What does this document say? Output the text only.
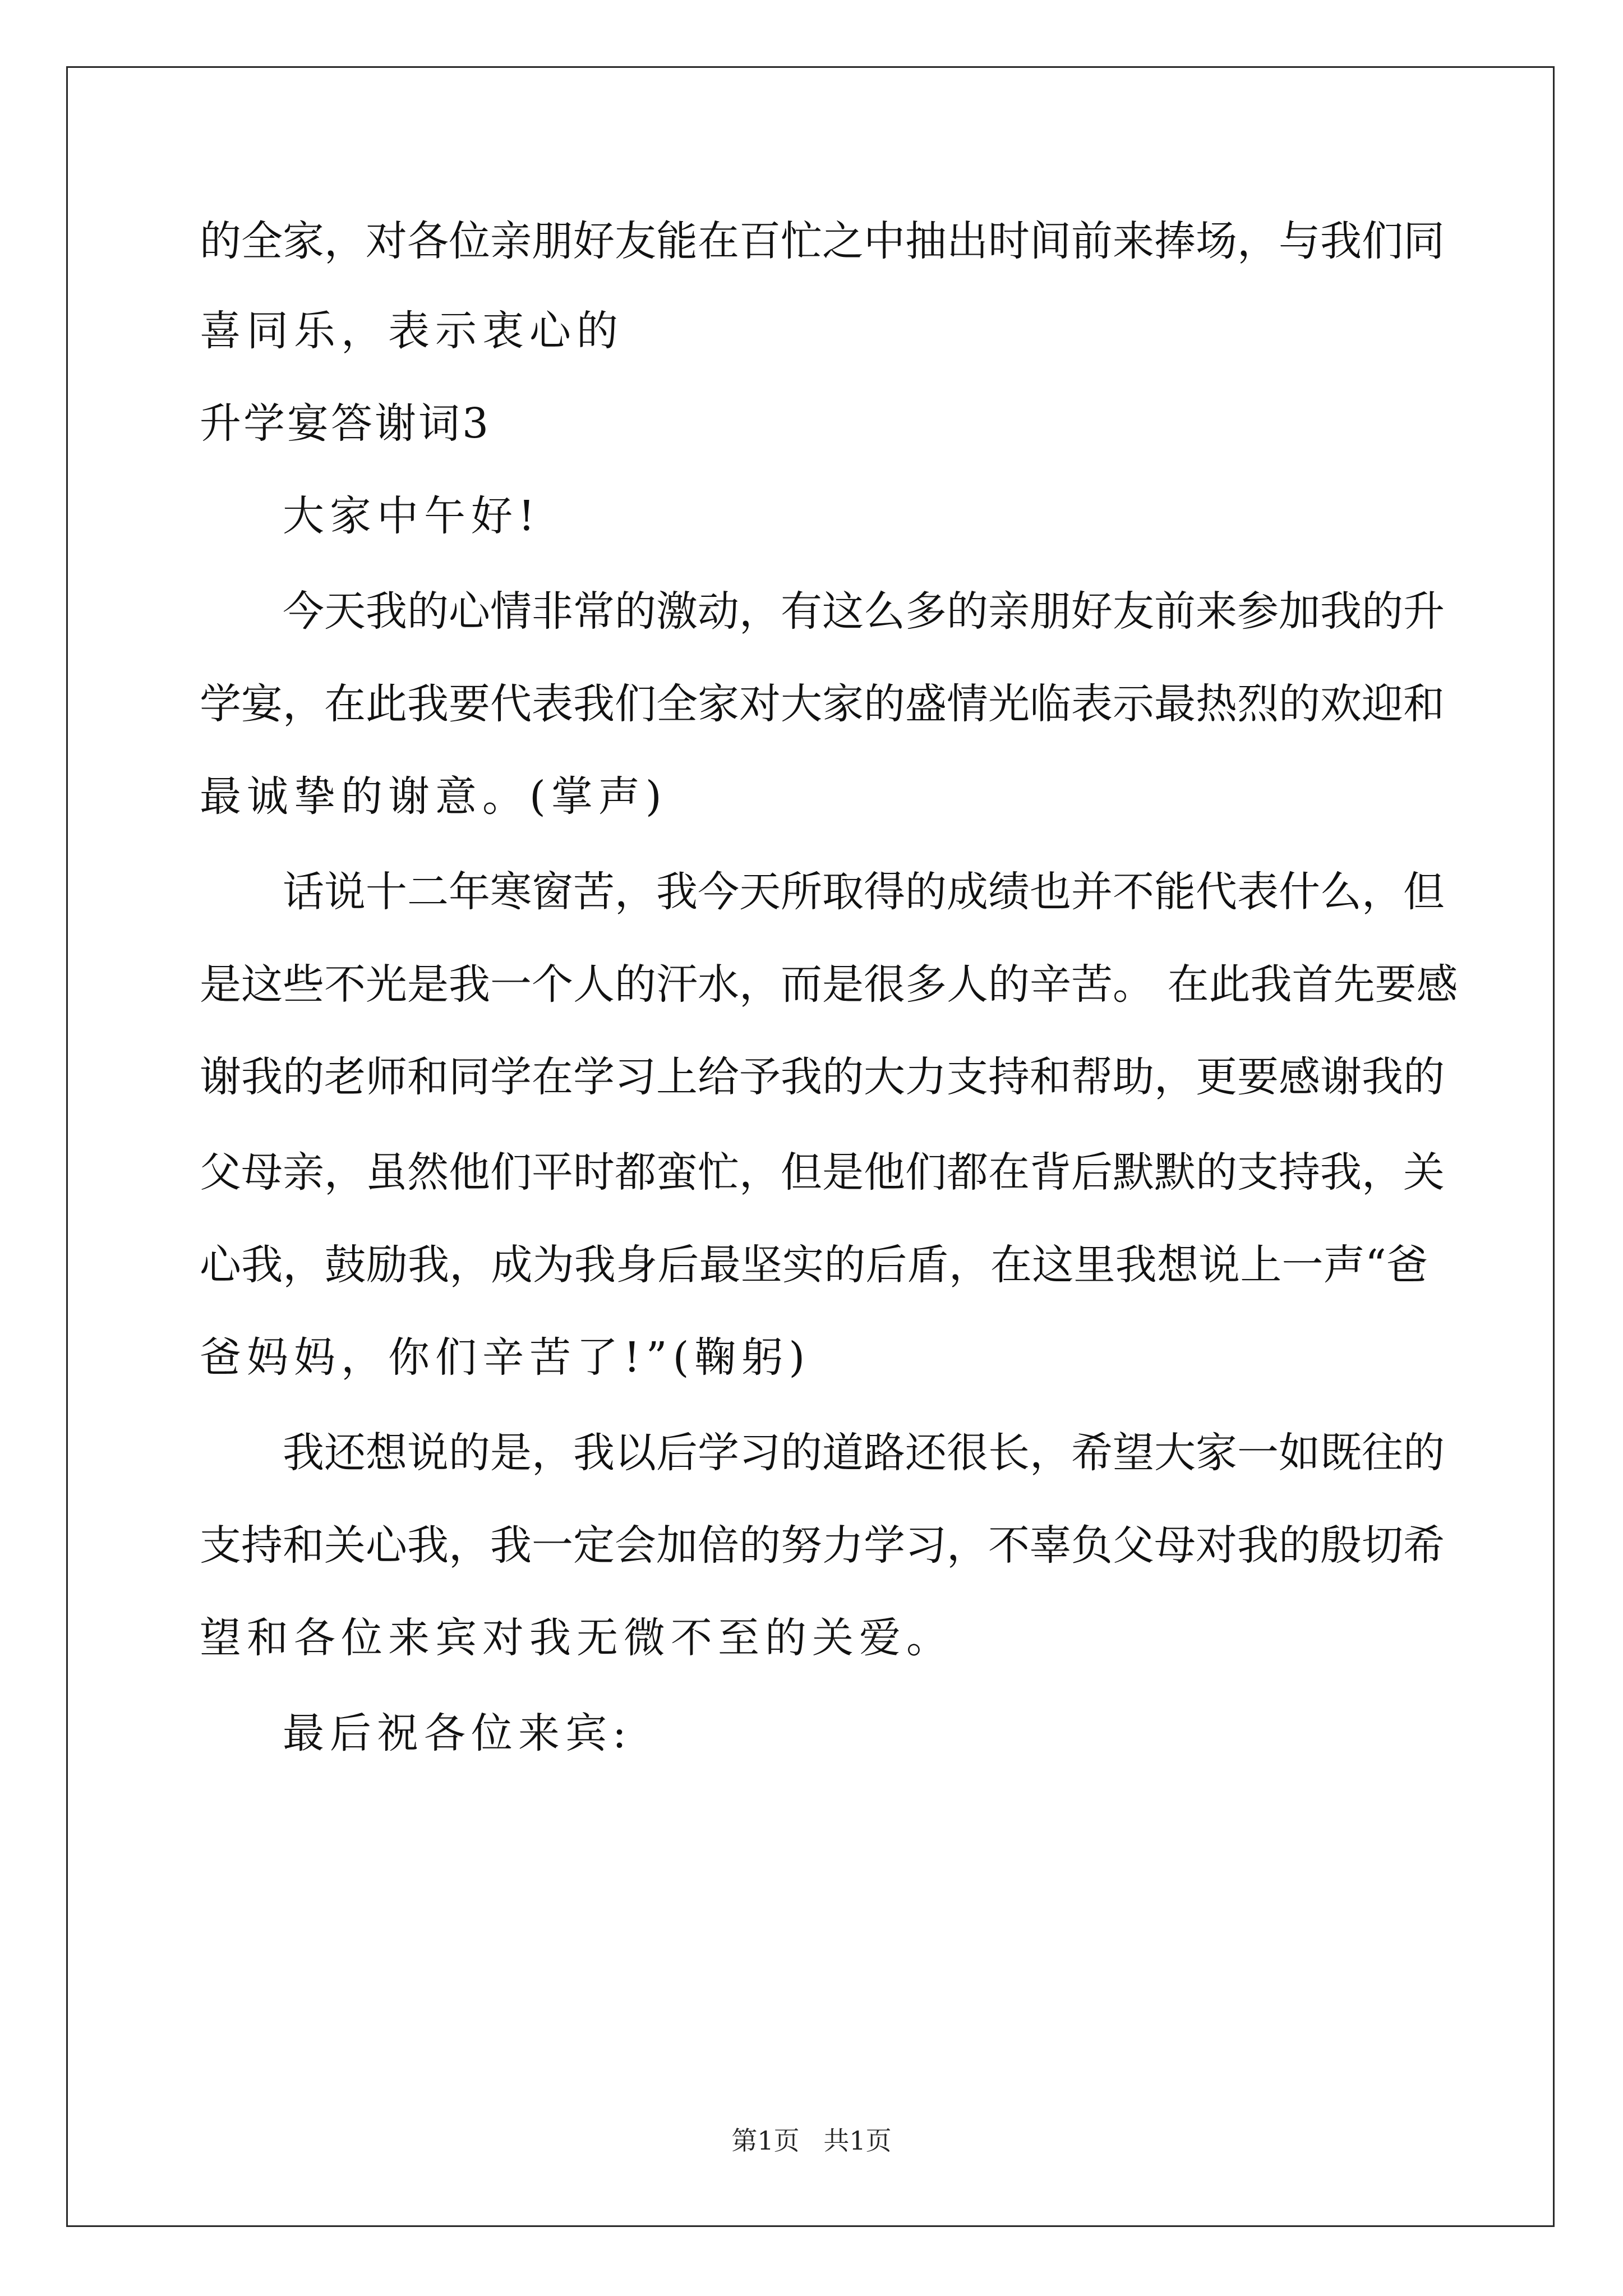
的全家，对各位亲朋好友能在百忙之中抽出时间前来捧场，与我们同
喜同乐，表示衷心的
升学宴答谢词3
大家中午好!
今天我的心情非常的激动，有这么多的亲朋好友前来参加我的升
学宴，在此我要代表我们全家对大家的盛情光临表示最热烈的欢迎和
最诚挚的谢意。(掌声)
话说十二年寒窗苦，我今天所取得的成绩也并不能代表什么，但
是这些不光是我一个人的汗水，而是很多人的辛苦。 在此我首先要感
谢我的老师和同学在学习上给予我的大力支持和帮助，更要感谢我的
父母亲，虽然他们平时都蛮忙，但是他们都在背后默默的支持我，关
心我，鼓励我，成为我身后最坚实的后盾，在这里我想说上一声“爸
爸妈妈，你们辛苦了!”(鞠躬)
我还想说的是，我以后学习的道路还很长，希望大家一如既往的
支持和关心我，我一定会加倍的努力学习，不辜负父母对我的殷切希
望和各位来宾对我无微不至的关爱。
最后祝各位来宾:
第1页 共1页
